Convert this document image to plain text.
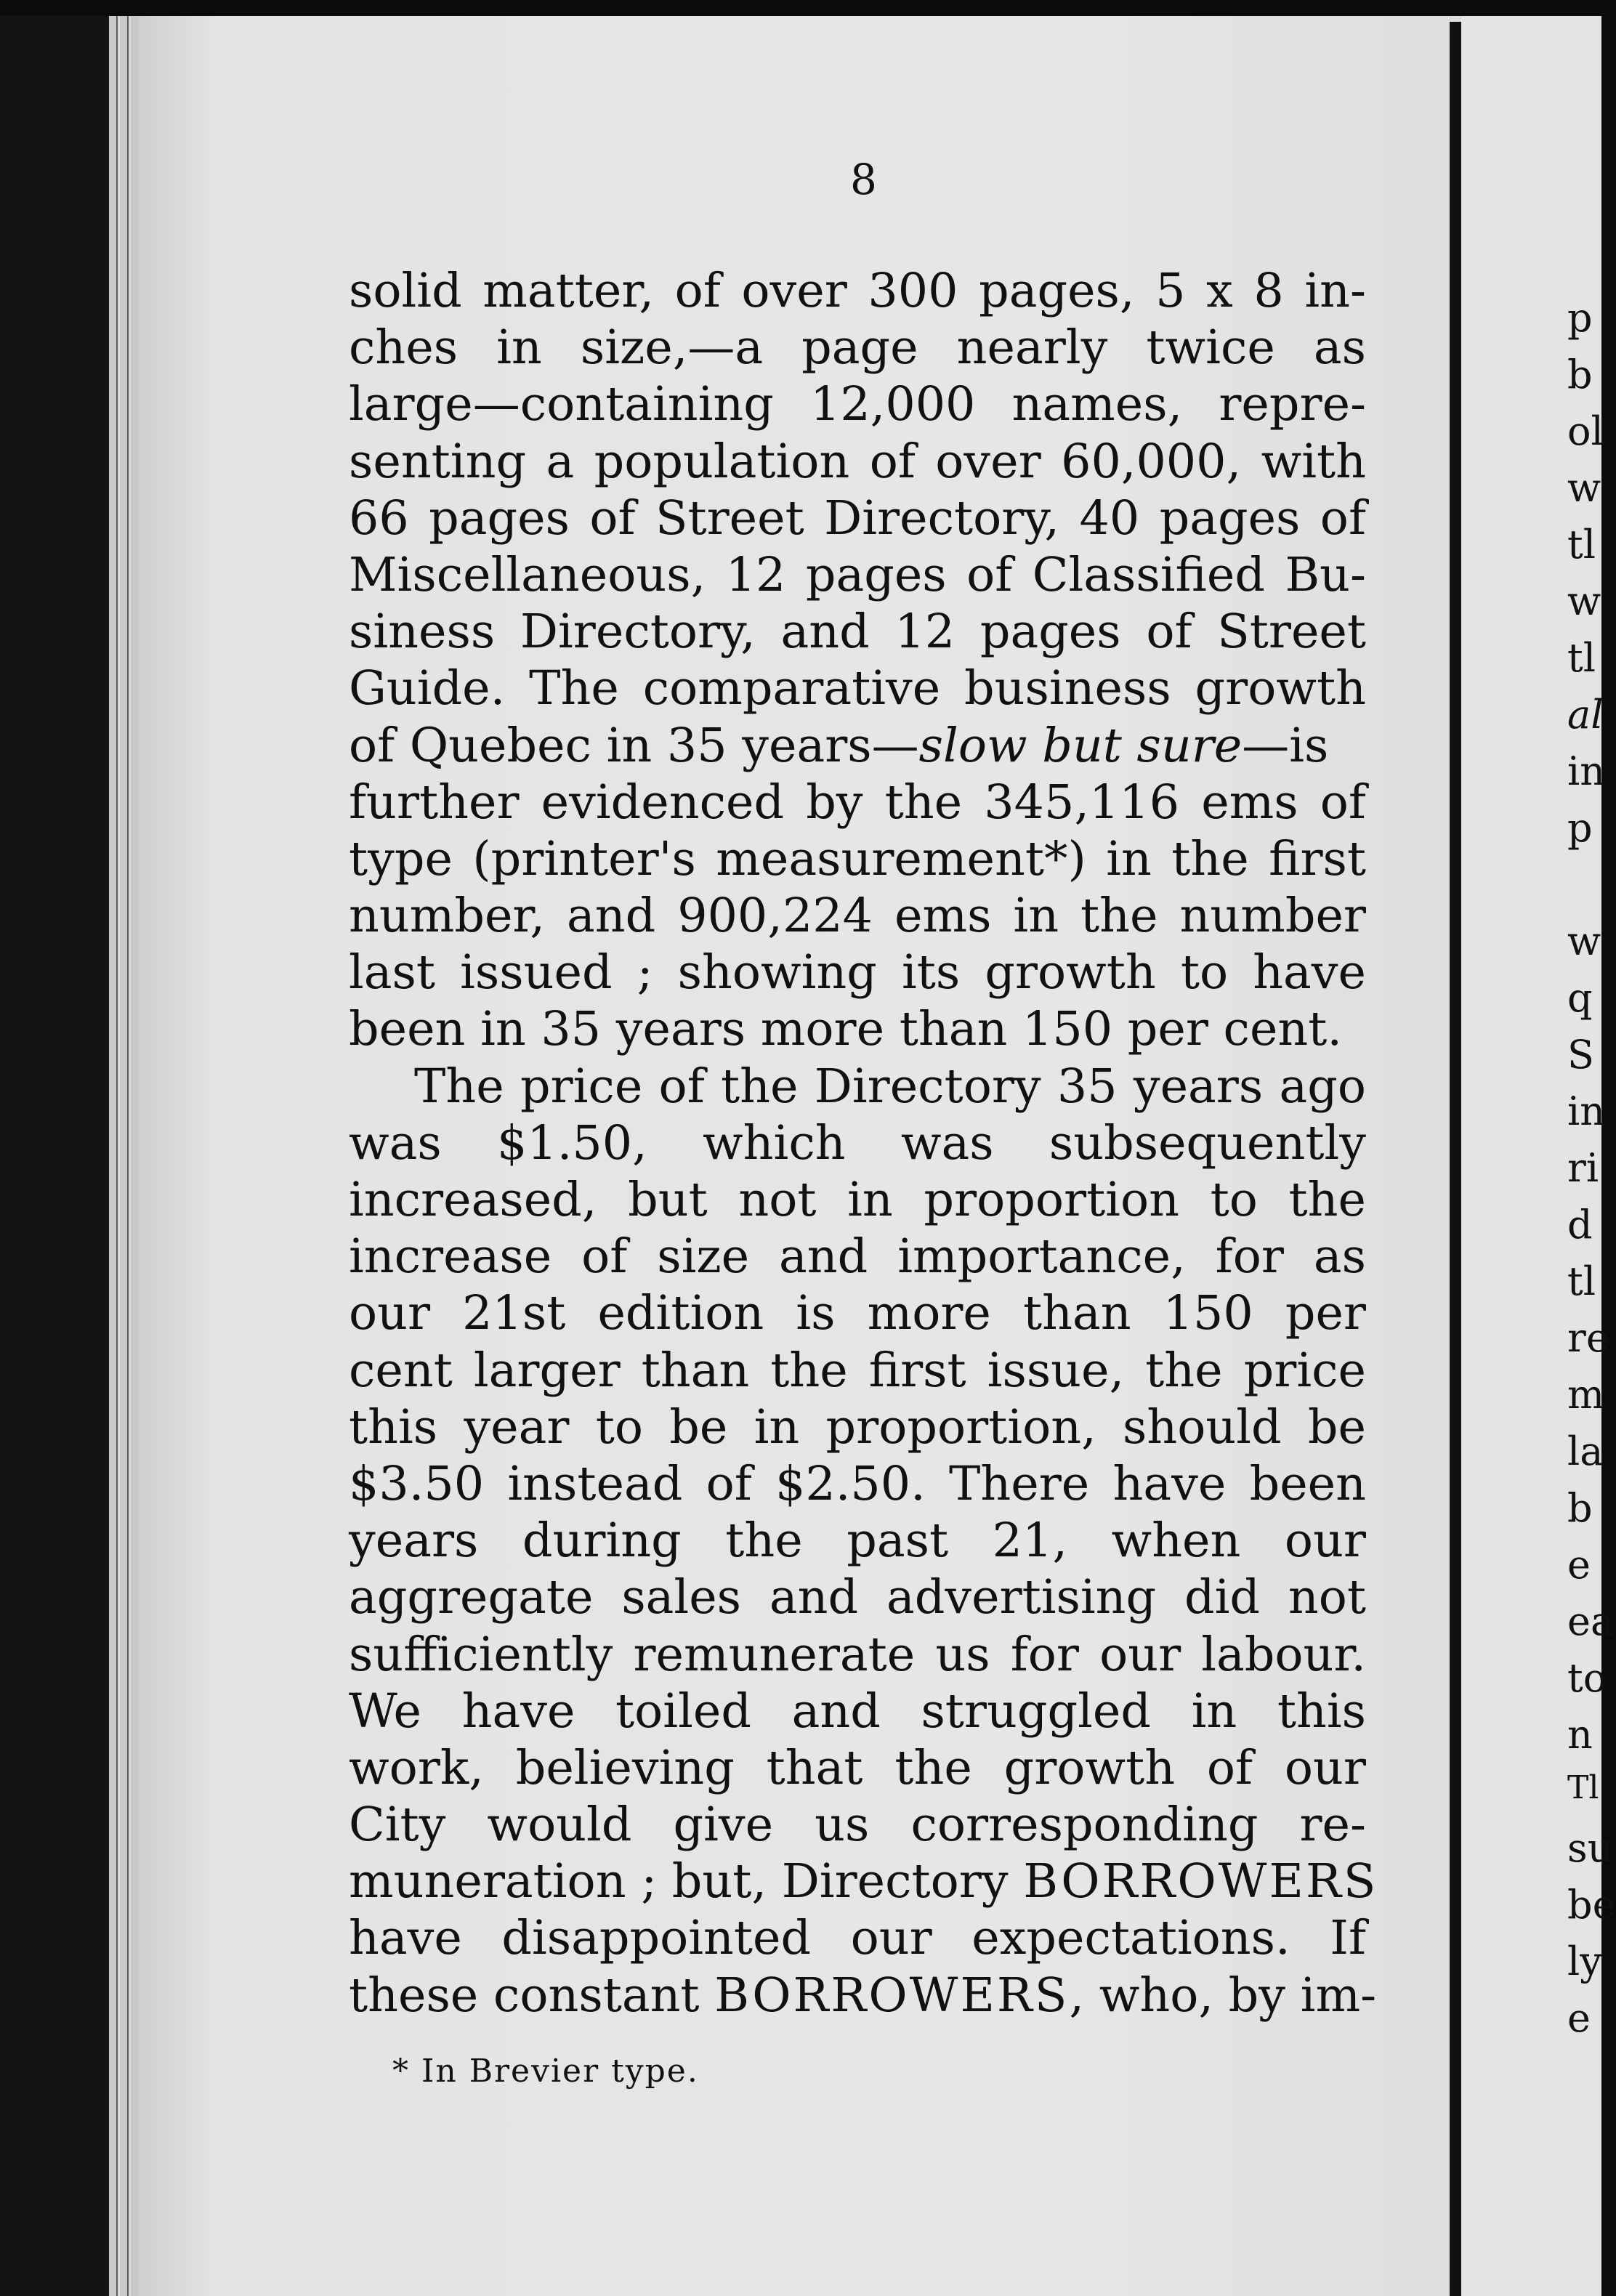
8
solid matter, of over 300 pages, 5 x 8 in-
ches in size,—a page nearly twice as
large—containing 12,000 names, repre-
senting a population of over 60,000, with
66 pages of Street Directory, 40 pages of
Miscellaneous, 12 pages of Classified Bu-
siness Directory, and 12 pages of Street
Guide. The comparative business growth
of Quebec in 35 years—slow but sure—is
further evidenced by the 345,116 ems of
type (printer's measurement*) in the first
number, and 900,224 ems in the number
last issued ; showing its growth to have
been in 35 years more than 150 per cent.
The price of the Directory 35 years ago
was $1.50, which was subsequently
increased, but not in proportion to the
increase of size and importance, for as
our 21st edition is more than 150 per
cent larger than the first issue, the price
this year to be in proportion, should be
$3.50 instead of $2.50. There have been
years during the past 21, when our
aggregate sales and advertising did not
sufficiently remunerate us for our labour.
We have toiled and struggled in this
work, believing that the growth of our
City would give us corresponding re-
muneration ; but, Directory BORROWERS
have disappointed our expectations. If
these constant BORROWERS, who, by im-
* In Brevier type.
p
b
ol
w
tl
w
tl
al
in
p
w
q
S
in
ri
d
tl
re
m
la
b
e
ea
to
n
Tl
su
be
ly
e
